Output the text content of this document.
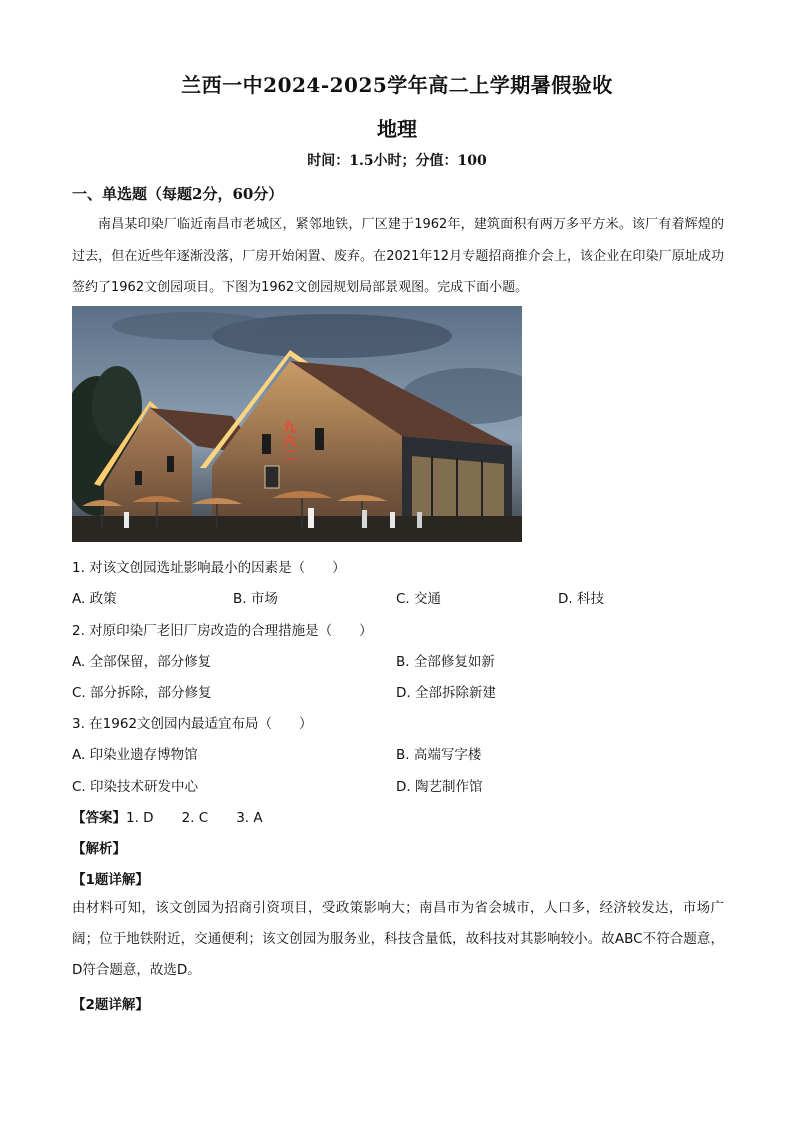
兰西一中2024-2025学年高二上学期暑假验收
地理
时间：1.5小时；分值：100
一、单选题（每题2分，60分）
南昌某印染厂临近南昌市老城区，紧邻地铁，厂区建于1962年，建筑面积有两万多平方米。该厂有着辉煌的过去，但在近些年逐渐没落，厂房开始闲置、废弃。在2021年12月专题招商推介会上，该企业在印染厂原址成功签约了1962文创园项目。下图为1962文创园规划局部景观图。完成下面小题。
九六二
1. 对该文创园选址影响最小的因素是（　　）
A. 政策	B. 市场	C. 交通	D. 科技
2. 对原印染厂老旧厂房改造的合理措施是（　　）
A. 全部保留，部分修复	B. 全部修复如新
C. 部分拆除，部分修复	D. 全部拆除新建
3. 在1962文创园内最适宜布局（　　）
A. 印染业遗存博物馆	B. 高端写字楼
C. 印染技术研发中心	D. 陶艺制作馆
【答案】1. D 2. C 3. A
【解析】
【1题详解】
由材料可知，该文创园为招商引资项目，受政策影响大；南昌市为省会城市，人口多，经济较发达，市场广阔；位于地铁附近，交通便利；该文创园为服务业，科技含量低，故科技对其影响较小。故ABC不符合题意，D符合题意，故选D。
【2题详解】
